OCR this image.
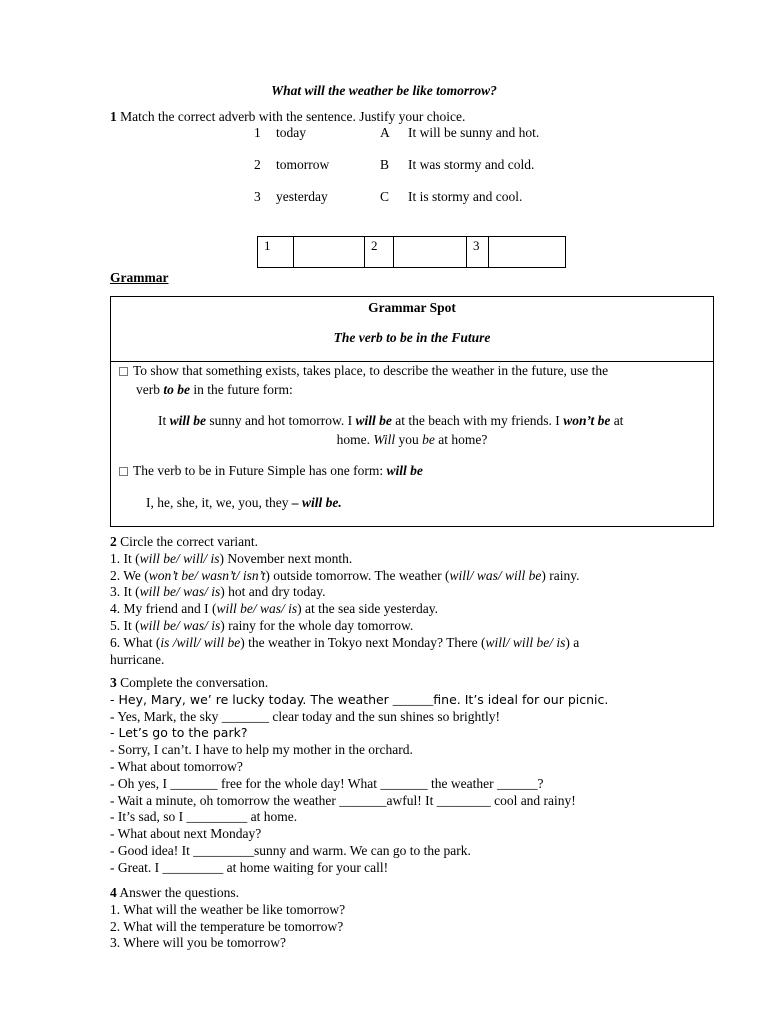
What will the weather be like tomorrow?
1 Match the correct adverb with the sentence. Justify your choice.
1 today	A It will be sunny and hot.
2 tomorrow	B It was stormy and cold.
3 yesterday	C It is stormy and cool.
1	2	3
Grammar
Grammar Spot
The verb to be in the Future
To show that something exists, takes place, to describe the weather in the future, use the
verb to be in the future form:
It will be sunny and hot tomorrow. I will be at the beach with my friends. I won’t be at
home. Will you be at home?
The verb to be in Future Simple has one form: will be
I, he, she, it, we, you, they – will be.
2 Circle the correct variant.
1. It (will be/ will/ is) November next month.
2. We (won’t be/ wasn’t/ isn’t) outside tomorrow. The weather (will/ was/ will be) rainy.
3. It (will be/ was/ is) hot and dry today.
4. My friend and I (will be/ was/ is) at the sea side yesterday.
5. It (will be/ was/ is) rainy for the whole day tomorrow.
6. What (is /will/ will be) the weather in Tokyo next Monday? There (will/ will be/ is) a
hurricane.
3 Complete the conversation.
- Hey, Mary, we’ re lucky today. The weather ______fine. It’s ideal for our picnic.
- Yes, Mark, the sky _______ clear today and the sun shines so brightly!
- Let’s go to the park?
- Sorry, I can’t. I have to help my mother in the orchard.
- What about tomorrow?
- Oh yes, I _______ free for the whole day! What _______ the weather ______?
- Wait a minute, oh tomorrow the weather _______awful! It ________ cool and rainy!
- It’s sad, so I _________ at home.
- What about next Monday?
- Good idea! It _________sunny and warm. We can go to the park.
- Great. I _________ at home waiting for your call!
4 Answer the questions.
1. What will the weather be like tomorrow?
2. What will the temperature be tomorrow?
3. Where will you be tomorrow?
